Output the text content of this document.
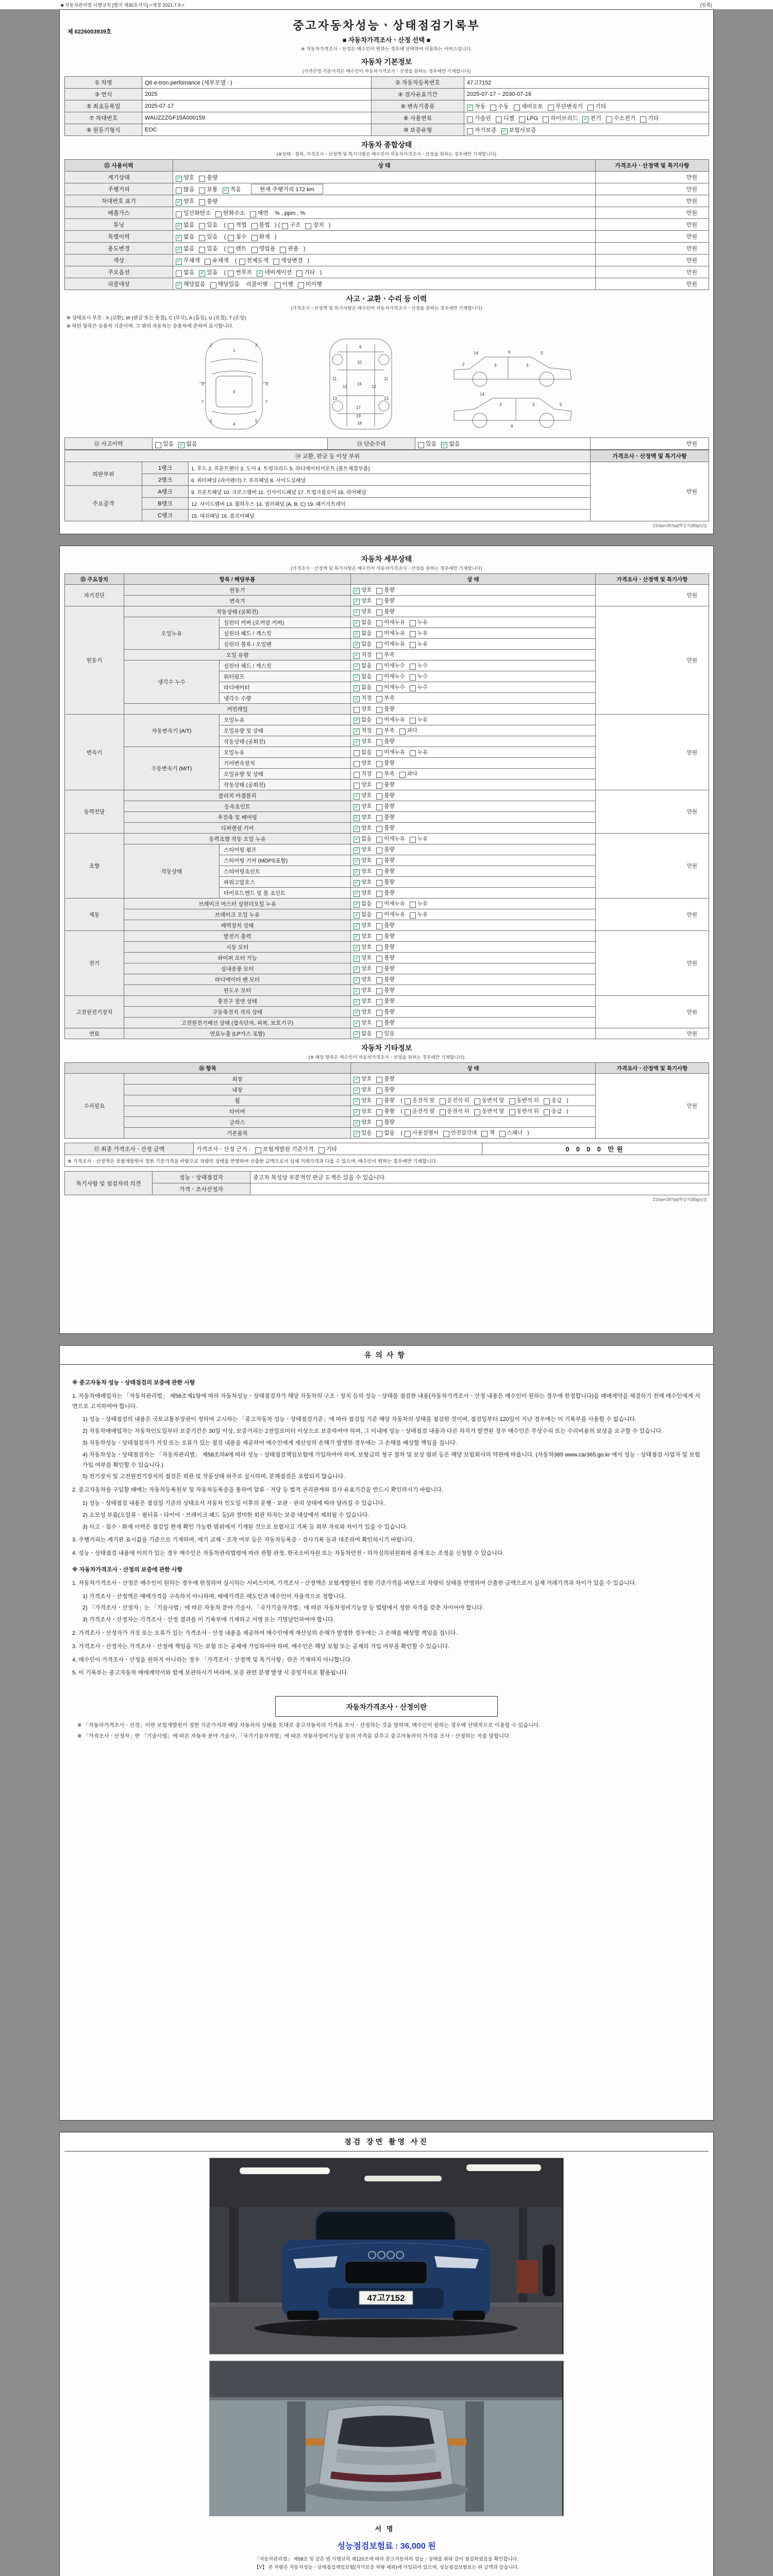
■ 자동차관리법 시행규칙 [별지 제30호서식] <개정 2021.7.9.>	(앞쪽)
제 0226003939호	중고자동차성능ㆍ상태점검기록부
■ 자동차가격조사ㆍ산정 선택 ■
※ 자동차가격조사ㆍ산정은 매수인이 원하는 경우에 선택하여 이용하는 서비스입니다.
자동차 기본정보
(가격산정 기준가격은 매수인이 자동차가격조사ㆍ산정을 원하는 경우에만 기재합니다)
① 차명	Q6 e-tron perfomance (세부모델 : )	② 자동차등록번호	47고7152
③ 연식	2025	④ 검사유효기간	2025-07-17 ~ 2030-07-16
⑤ 최초등록일	2025-07-17	⑥ 변속기종류	✓ 자동 수동 세미오토 무단변속기 기타
⑦ 차대번호	WAUZZZGF15A000159	⑧ 사용연료	가솔린 디젤 LPG 하이브리드 ✓ 전기 수소전기 기타
⑨ 원동기형식	EOC	⑩ 보증유형	자가보증 ✓ 보험사보증
자동차 종합상태
(※상태ㆍ항목, 가격조사ㆍ산정액 및 특기사항은 매수인이 자동차가격조사ㆍ산정을 원하는 경우에만 기재합니다)
⑪ 사용이력	상 태	가격조사ㆍ산정액 및 특기사항
계기상태	✓ 양호 불량	만원
주행거리	많음 보통 ✓ 적음 현재 주행거리 172 km	만원
차대번호 표기	✓ 양호 불량	만원
배출가스	일산화탄소 탄화수소 매연 % , ppm , %	만원
튜닝	✓ 없음 있음 ( 적법 불법 ) ( 구조 장치 )	만원
특별이력	✓ 없음 있음 ( 침수 화재 )	만원
용도변경	✓ 없음 있음 ( 렌트 영업용 관용 )	만원
색상	✓ 무채색 유채색 ( 전체도색 색상변경 )	만원
주요옵션	없음 ✓ 있음 ( 썬루프 ✓ 네비게이션 기타 )	만원
리콜대상	✓ 해당없음 해당있음 리콜이행 :  이행 미이행	만원
사고ㆍ교환ㆍ수리 등 이력
(가격조사ㆍ산정액 및 특기사항은 매수인이 자동차가격조사ㆍ산정을 원하는 경우에만 기재합니다)
※ 상태표시 부호 : X (교환), W (판금 또는 용접), C (부식), A (흠집), U (요철), T (손상)
※ 하단 항목은 승용차 기준이며, 그 밖의 자동차는 승용차에 준하여 표시합니다.
1
2	2
3	3
6
5	5
4
7	7
9
10
11	11
12	12
16
13	13
17
18
19
14	6	5
3	3
2
3	3
14
5
8
⑫ 사고이력	있음 ✓ 없음	⑬ 단순수리	있음 ✓ 없음	만원
⑭ 교환, 판금 등 이상 부위			가격조사ㆍ산정액 및 특기사항
외판부위	1랭크	1. 후드 2. 프론트펜더 3. 도어 4. 트렁크리드 5. 라디에이터서포트 (볼트체결부품)	만원
	2랭크	6. 쿼터패널 (리어펜더) 7. 루프패널 8. 사이드실패널	
주요골격	A랭크	9. 프론트패널 10. 크로스멤버 11. 인사이드패널 17. 트렁크플로어 18. 리어패널	
	B랭크	12. 사이드멤버 13. 휠하우스 14. 필러패널 (A, B, C) 19. 패키지트레이	
	C랭크	15. 대쉬패널 16. 플로어패널	
210㎜×297㎜[백상지(80g/㎡)]
자동차 세부상태
(가격조사ㆍ산정액 및 특기사항은 매수인이 자동차가격조사ㆍ산정을 원하는 경우에만 기재합니다)
⑮ 주요장치	항목 / 해당부품		상 태	가격조사ㆍ산정액 및 특기사항
자기진단	원동기		✓ 양호 불량	만원
	변속기		✓ 양호 불량	
원동기	작동상태 (공회전)		✓ 양호 불량	만원
	오일누유	실린더 커버 (로커암 커버)	✓ 없음 미세누유 누유	
		실린더 헤드 / 개스킷	✓ 없음 미세누유 누유	
		실린더 블록 / 오일팬	✓ 없음 미세누유 누유	
	오일 유량		✓ 적정 부족	
	냉각수 누수	실린더 헤드 / 개스킷	✓ 없음 미세누수 누수	
		워터펌프	✓ 없음 미세누수 누수	
		라디에이터	✓ 없음 미세누수 누수	
		냉각수 수량	✓ 적정 부족	
	커먼레일		양호 불량	
변속기	자동변속기 (A/T)	오일누유	✓ 없음 미세누유 누유	만원
		오일유량 및 상태	✓ 적정 부족 과다	
		작동상태 (공회전)	✓ 양호 불량	
	수동변속기 (M/T)	오일누유	없음 미세누유 누유	
		기어변속장치	양호 불량	
		오일유량 및 상태	적정 부족 과다	
		작동상태 (공회전)	양호 불량	
동력전달	클러치 어셈블리		✓ 양호 불량	만원
	등속조인트		✓ 양호 불량	
	추진축 및 베어링		✓ 양호 불량	
	디퍼렌셜 기어		✓ 양호 불량	
조향	동력조향 작동 오일 누유		✓ 없음 미세누유 누유	만원
	작동상태	스티어링 펌프	✓ 양호 불량	
		스티어링 기어 (MDPS포함)	✓ 양호 불량	
		스티어링조인트	✓ 양호 불량	
		파워고압호스	✓ 양호 불량	
		타이로드엔드 및 볼 조인트	✓ 양호 불량	
제동	브레이크 마스터 실린더오일 누유		✓ 없음 미세누유 누유	만원
	브레이크 오일 누유		✓ 없음 미세누유 누유	
	배력장치 상태		✓ 양호 불량	
전기	발전기 출력		✓ 양호 불량	만원
	시동 모터		✓ 양호 불량	
	와이퍼 모터 기능		✓ 양호 불량	
	실내송풍 모터		✓ 양호 불량	
	라디에이터 팬 모터		✓ 양호 불량	
	윈도우 모터		✓ 양호 불량	
고전원전기장치	충전구 절연 상태		✓ 양호 불량	만원
	구동축전지 격리 상태		✓ 양호 불량	
	고전원전기배선 상태 (접속단자, 피복, 보호기구)		✓ 양호 불량	
연료	연료누출 (LP가스 포함)		✓ 없음 있음	만원
자동차 기타정보
(※ 해당 항목은 매수인이 자동차가격조사ㆍ산정을 원하는 경우에만 기재합니다)
⑯ 항목		상 태	가격조사ㆍ산정액 및 특기사항
수리필요	외장	✓ 양호 불량	만원
	내장	✓ 양호 불량	
	휠	✓ 양호 불량 ( 운전석 앞 운전석 뒤 동반석 앞 동반석 뒤 응급 )	
	타이어	✓ 양호 불량 ( 운전석 앞 운전석 뒤 동반석 앞 동반석 뒤 응급 )	
	글라스	✓ 양호 불량	
	기본품목	✓ 있음 없음 ( 사용설명서 안전삼각대 잭 스패너 )	
⑰ 최종 가격조사ㆍ산정 금액	가격조사ㆍ산정 근거 :  보험개발원 기준가격 기타	0 0 0 0 만원
※ 가격조사ㆍ산정액은 보험개발원이 정한 기준가격을 바탕으로 차량의 상태를 반영하여 산출한 금액으로서 실제 거래가격과 다를 수 있으며, 매수인이 원하는 경우에만 기재합니다.
특기사항 및 점검자의 의견	성능ㆍ상태점검자	중고차 특성상 부분적인 판금 도색은 있을 수 있습니다.
	가격ㆍ조사산정자	
210㎜×297㎜[백상지(80g/㎡)]
유의사항
※ 중고자동차 성능ㆍ상태점검의 보증에 관한 사항
1. 자동차매매업자는 「자동차관리법」 제58조제1항에 따라 자동차성능ㆍ상태점검자가 해당 자동차의 구조ㆍ장치 등의 성능ㆍ상태를 점검한 내용(자동차가격조사ㆍ산정 내용은 매수인이 원하는 경우에 한정합니다)을 매매계약을 체결하기 전에 매수인에게 서면으로 고지하여야 합니다.
1) 성능ㆍ상태점검의 내용은 국토교통부장관이 정하여 고시하는 「중고자동차 성능ㆍ상태점검기준」에 따라 점검일 기준 해당 자동차의 상태를 점검한 것이며, 점검일부터 120일이 지난 경우에는 이 기록부를 사용할 수 없습니다.
2) 자동차매매업자는 자동차인도일부터 보증기간은 30일 이상, 보증거리는 2천킬로미터 이상으로 보증하여야 하며, 그 이내에 성능ㆍ상태점검 내용과 다른 하자가 발견된 경우 매수인은 무상수리 또는 수리비용의 보상을 요구할 수 있습니다.
3) 자동차성능ㆍ상태점검자가 거짓 또는 오류가 있는 점검 내용을 제공하여 매수인에게 재산상의 손해가 발생한 경우에는 그 손해를 배상할 책임을 집니다.
4) 자동차성능ㆍ상태점검자는 「자동차관리법」 제58조의4에 따라 성능ㆍ상태점검책임보험에 가입하여야 하며, 보험금의 청구 절차 및 보상 범위 등은 해당 보험회사의 약관에 따릅니다. (자동차365 www.car365.go.kr 에서 성능ㆍ상태점검 사업자 및 보험 가입 여부를 확인할 수 있습니다.)
5) 전기장치 및 고전원전기장치의 점검은 외관 및 작동상태 위주로 실시하며, 분해점검은 포함되지 않습니다.
2. 중고자동차를 구입할 때에는 자동차등록원부 및 자동차등록증을 통하여 압류ㆍ저당 등 법적 권리관계와 검사 유효기간을 반드시 확인하시기 바랍니다.
1) 성능ㆍ상태점검 내용은 점검일 기준의 상태로서 자동차 인도일 이후의 운행ㆍ보관ㆍ관리 상태에 따라 달라질 수 있습니다.
2) 소모성 부품(오일류ㆍ필터류ㆍ타이어ㆍ브레이크 패드 등)과 경미한 외관 하자는 보증 대상에서 제외될 수 있습니다.
3) 사고ㆍ침수ㆍ화재 이력은 점검일 현재 확인 가능한 범위에서 기재된 것으로 보험사고 기록 등 외부 자료와 차이가 있을 수 있습니다.
3. 주행거리는 계기판 표시값을 기준으로 기재하며, 계기 교체ㆍ조작 여부 등은 자동차등록증ㆍ검사기록 등과 대조하여 확인하시기 바랍니다.
4. 성능ㆍ상태점검 내용에 이의가 있는 경우 매수인은 자동차관리법령에 따라 관할 관청, 한국소비자원 또는 자동차안전ㆍ하자심의위원회에 중재 또는 조정을 신청할 수 있습니다.
※ 자동차가격조사ㆍ산정의 보증에 관한 사항
1. 자동차가격조사ㆍ산정은 매수인이 원하는 경우에 한정하여 실시하는 서비스이며, 가격조사ㆍ산정액은 보험개발원이 정한 기준가격을 바탕으로 차량의 상태를 반영하여 산출한 금액으로서 실제 거래가격과 차이가 있을 수 있습니다.
1) 가격조사ㆍ산정액은 매매가격을 구속하지 아니하며, 매매가격은 매도인과 매수인이 자율적으로 정합니다.
2) 「가격조사ㆍ산정자」는 「기술사법」에 따른 자동차 분야 기술사, 「국가기술자격법」에 따른 자동차정비기능장 등 법령에서 정한 자격을 갖춘 자이어야 합니다.
3) 가격조사ㆍ산정자는 가격조사ㆍ산정 결과를 이 기록부에 기재하고 서명 또는 기명날인하여야 합니다.
2. 가격조사ㆍ산정자가 거짓 또는 오류가 있는 가격조사ㆍ산정 내용을 제공하여 매수인에게 재산상의 손해가 발생한 경우에는 그 손해를 배상할 책임을 집니다.
3. 가격조사ㆍ산정자는 가격조사ㆍ산정에 책임을 지는 보험 또는 공제에 가입하여야 하며, 매수인은 해당 보험 또는 공제의 가입 여부를 확인할 수 있습니다.
4. 매수인이 가격조사ㆍ산정을 원하지 아니하는 경우 「가격조사ㆍ산정액 및 특기사항」란은 기재하지 아니합니다.
5. 이 기록부는 중고자동차 매매계약서와 함께 보관하시기 바라며, 보증 관련 분쟁 발생 시 증빙자료로 활용됩니다.
자동차가격조사ㆍ산정이란
※ 「자동차가격조사ㆍ산정」이란 보험개발원이 정한 기준가격과 해당 자동차의 상태를 토대로 중고자동차의 가격을 조사ㆍ산정하는 것을 말하며, 매수인이 원하는 경우에 선택적으로 이용할 수 있습니다.
※ 「가격조사ㆍ산정자」란 「기술사법」에 따른 자동차 분야 기술사, 「국가기술자격법」에 따른 자동차정비기능장 등의 자격을 갖추고 중고자동차의 가격을 조사ㆍ산정하는 자를 말합니다.
점검 장면 촬영 사진
47고7152
서명
성능점검보험료 : 36,000 원
「자동차관리법」 제58조 및 같은 법 시행규칙 제120조에 따라 중고자동차의 성능ㆍ상태를 위와 같이 점검하였음을 확인합니다.
【Y】 본 차량은 자동차성능ㆍ상태점검책임보험(자가보증 차량 제외)에 가입되어 있으며, 성능점검보험료는 위 금액과 같습니다.
